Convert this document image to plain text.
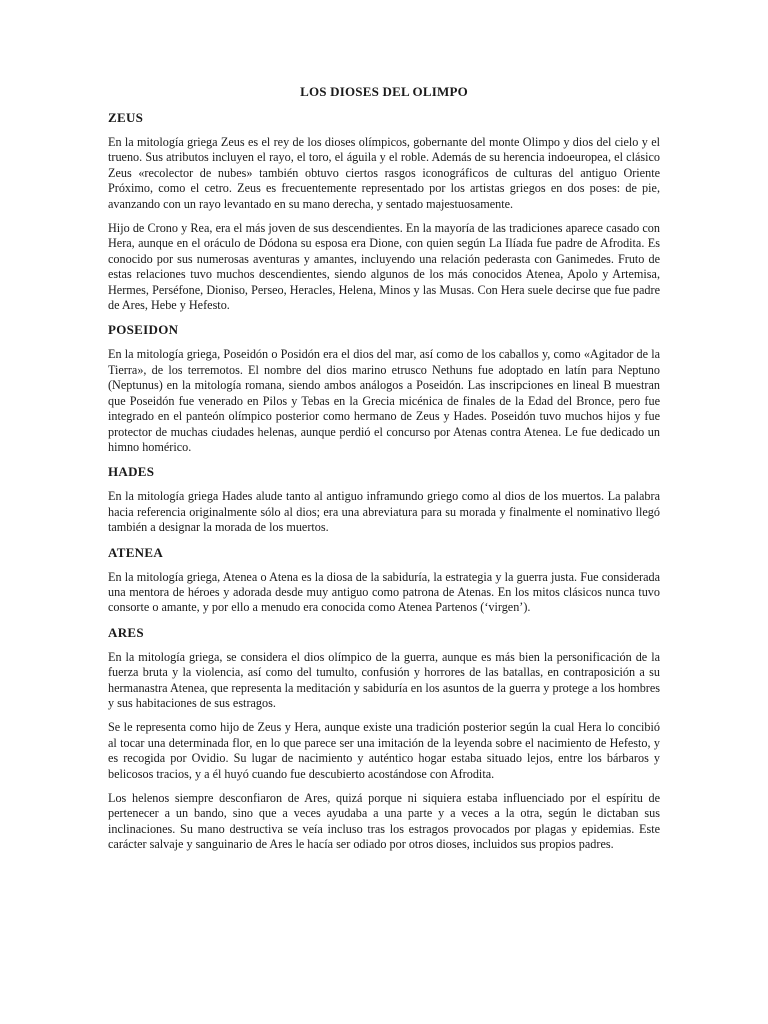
LOS DIOSES DEL OLIMPO
ZEUS

En la mitología griega Zeus es el rey de los dioses olímpicos, gobernante del monte Olimpo y dios del cielo y el trueno. Sus atributos incluyen el rayo, el toro, el águila y el roble. Además de su herencia indoeuropea, el clásico Zeus «recolector de nubes» también obtuvo ciertos rasgos iconográficos de culturas del antiguo Oriente Próximo, como el cetro. Zeus es frecuentemente representado por los artistas griegos en dos poses: de pie, avanzando con un rayo levantado en su mano derecha, y sentado majestuosamente.

Hijo de Crono y Rea, era el más joven de sus descendientes. En la mayoría de las tradiciones aparece casado con Hera, aunque en el oráculo de Dódona su esposa era Dione, con quien según La Ilíada fue padre de Afrodita. Es conocido por sus numerosas aventuras y amantes, incluyendo una relación pederasta con Ganimedes. Fruto de estas relaciones tuvo muchos descendientes, siendo algunos de los más conocidos Atenea, Apolo y Artemisa, Hermes, Perséfone, Dioniso, Perseo, Heracles, Helena, Minos y las Musas. Con Hera suele decirse que fue padre de Ares, Hebe y Hefesto.

POSEIDON

En la mitología griega, Poseidón o Posidón era el dios del mar, así como de los caballos y, como «Agitador de la Tierra», de los terremotos. El nombre del dios marino etrusco Nethuns fue adoptado en latín para Neptuno (Neptunus) en la mitología romana, siendo ambos análogos a Poseidón. Las inscripciones en lineal B muestran que Poseidón fue venerado en Pilos y Tebas en la Grecia micénica de finales de la Edad del Bronce, pero fue integrado en el panteón olímpico posterior como hermano de Zeus y Hades. Poseidón tuvo muchos hijos y fue protector de muchas ciudades helenas, aunque perdió el concurso por Atenas contra Atenea. Le fue dedicado un himno homérico.

HADES

En la mitología griega Hades alude tanto al antiguo inframundo griego como al dios de los muertos. La palabra hacia referencia originalmente sólo al dios; era una abreviatura para su morada y finalmente el nominativo llegó también a designar la morada de los muertos.

ATENEA

En la mitología griega, Atenea o Atena es la diosa de la sabiduría, la estrategia y la guerra justa. Fue considerada una mentora de héroes y adorada desde muy antiguo como patrona de Atenas. En los mitos clásicos nunca tuvo consorte o amante, y por ello a menudo era conocida como Atenea Partenos (‘virgen’).

ARES

En la mitología griega, se considera el dios olímpico de la guerra, aunque es más bien la personificación de la fuerza bruta y la violencia, así como del tumulto, confusión y horrores de las batallas, en contraposición a su hermanastra Atenea, que representa la meditación y sabiduría en los asuntos de la guerra y protege a los hombres y sus habitaciones de sus estragos.

Se le representa como hijo de Zeus y Hera, aunque existe una tradición posterior según la cual Hera lo concibió al tocar una determinada flor, en lo que parece ser una imitación de la leyenda sobre el nacimiento de Hefesto, y es recogida por Ovidio. Su lugar de nacimiento y auténtico hogar estaba situado lejos, entre los bárbaros y belicosos tracios, y a él huyó cuando fue descubierto acostándose con Afrodita.

Los helenos siempre desconfiaron de Ares, quizá porque ni siquiera estaba influenciado por el espíritu de pertenecer a un bando, sino que a veces ayudaba a una parte y a veces a la otra, según le dictaban sus inclinaciones. Su mano destructiva se veía incluso tras los estragos provocados por plagas y epidemias. Este carácter salvaje y sanguinario de Ares le hacía ser odiado por otros dioses, incluidos sus propios padres.
